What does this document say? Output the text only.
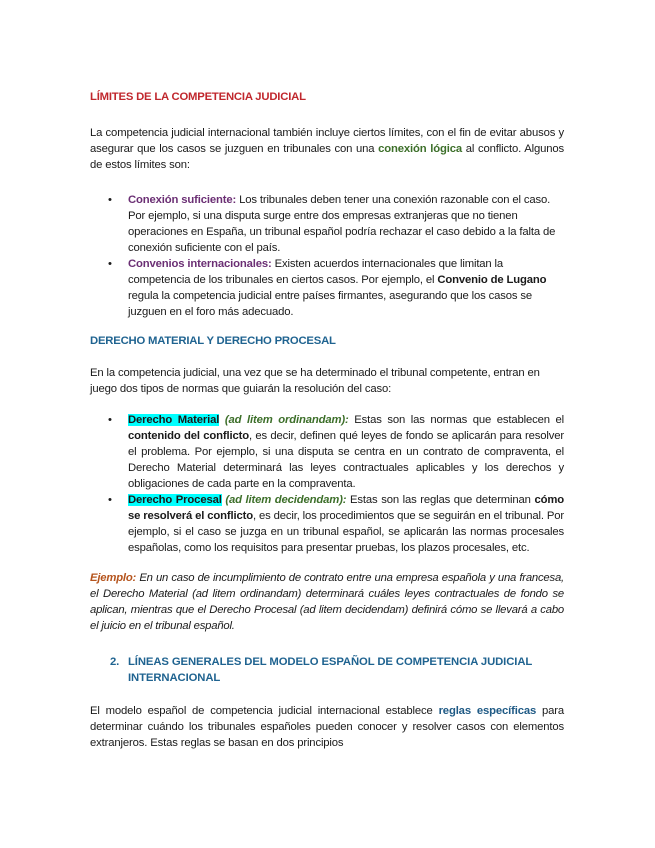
LÍMITES DE LA COMPETENCIA JUDICIAL

La competencia judicial internacional también incluye ciertos límites, con el fin de evitar abusos y asegurar que los casos se juzguen en tribunales con una conexión lógica al conflicto. Algunos de estos límites son:

• Conexión suficiente: Los tribunales deben tener una conexión razonable con el caso. Por ejemplo, si una disputa surge entre dos empresas extranjeras que no tienen operaciones en España, un tribunal español podría rechazar el caso debido a la falta de conexión suficiente con el país.
• Convenios internacionales: Existen acuerdos internacionales que limitan la competencia de los tribunales en ciertos casos. Por ejemplo, el Convenio de Lugano regula la competencia judicial entre países firmantes, asegurando que los casos se juzguen en el foro más adecuado.
DERECHO MATERIAL Y DERECHO PROCESAL

En la competencia judicial, una vez que se ha determinado el tribunal competente, entran en juego dos tipos de normas que guiarán la resolución del caso:

• Derecho Material (ad litem ordinandam): Estas son las normas que establecen el contenido del conflicto, es decir, definen qué leyes de fondo se aplicarán para resolver el problema. Por ejemplo, si una disputa se centra en un contrato de compraventa, el Derecho Material determinará las leyes contractuales aplicables y los derechos y obligaciones de cada parte en la compraventa.
• Derecho Procesal (ad litem decidendam): Estas son las reglas que determinan cómo se resolverá el conflicto, es decir, los procedimientos que se seguirán en el tribunal. Por ejemplo, si el caso se juzga en un tribunal español, se aplicarán las normas procesales españolas, como los requisitos para presentar pruebas, los plazos procesales, etc.

Ejemplo: En un caso de incumplimiento de contrato entre una empresa española y una francesa, el Derecho Material (ad litem ordinandam) determinará cuáles leyes contractuales de fondo se aplican, mientras que el Derecho Procesal (ad litem decidendam) definirá cómo se llevará a cabo el juicio en el tribunal español.

2. LÍNEAS GENERALES DEL MODELO ESPAÑOL DE COMPETENCIA JUDICIAL INTERNACIONAL

El modelo español de competencia judicial internacional establece reglas específicas para determinar cuándo los tribunales españoles pueden conocer y resolver casos con elementos extranjeros. Estas reglas se basan en dos principios
